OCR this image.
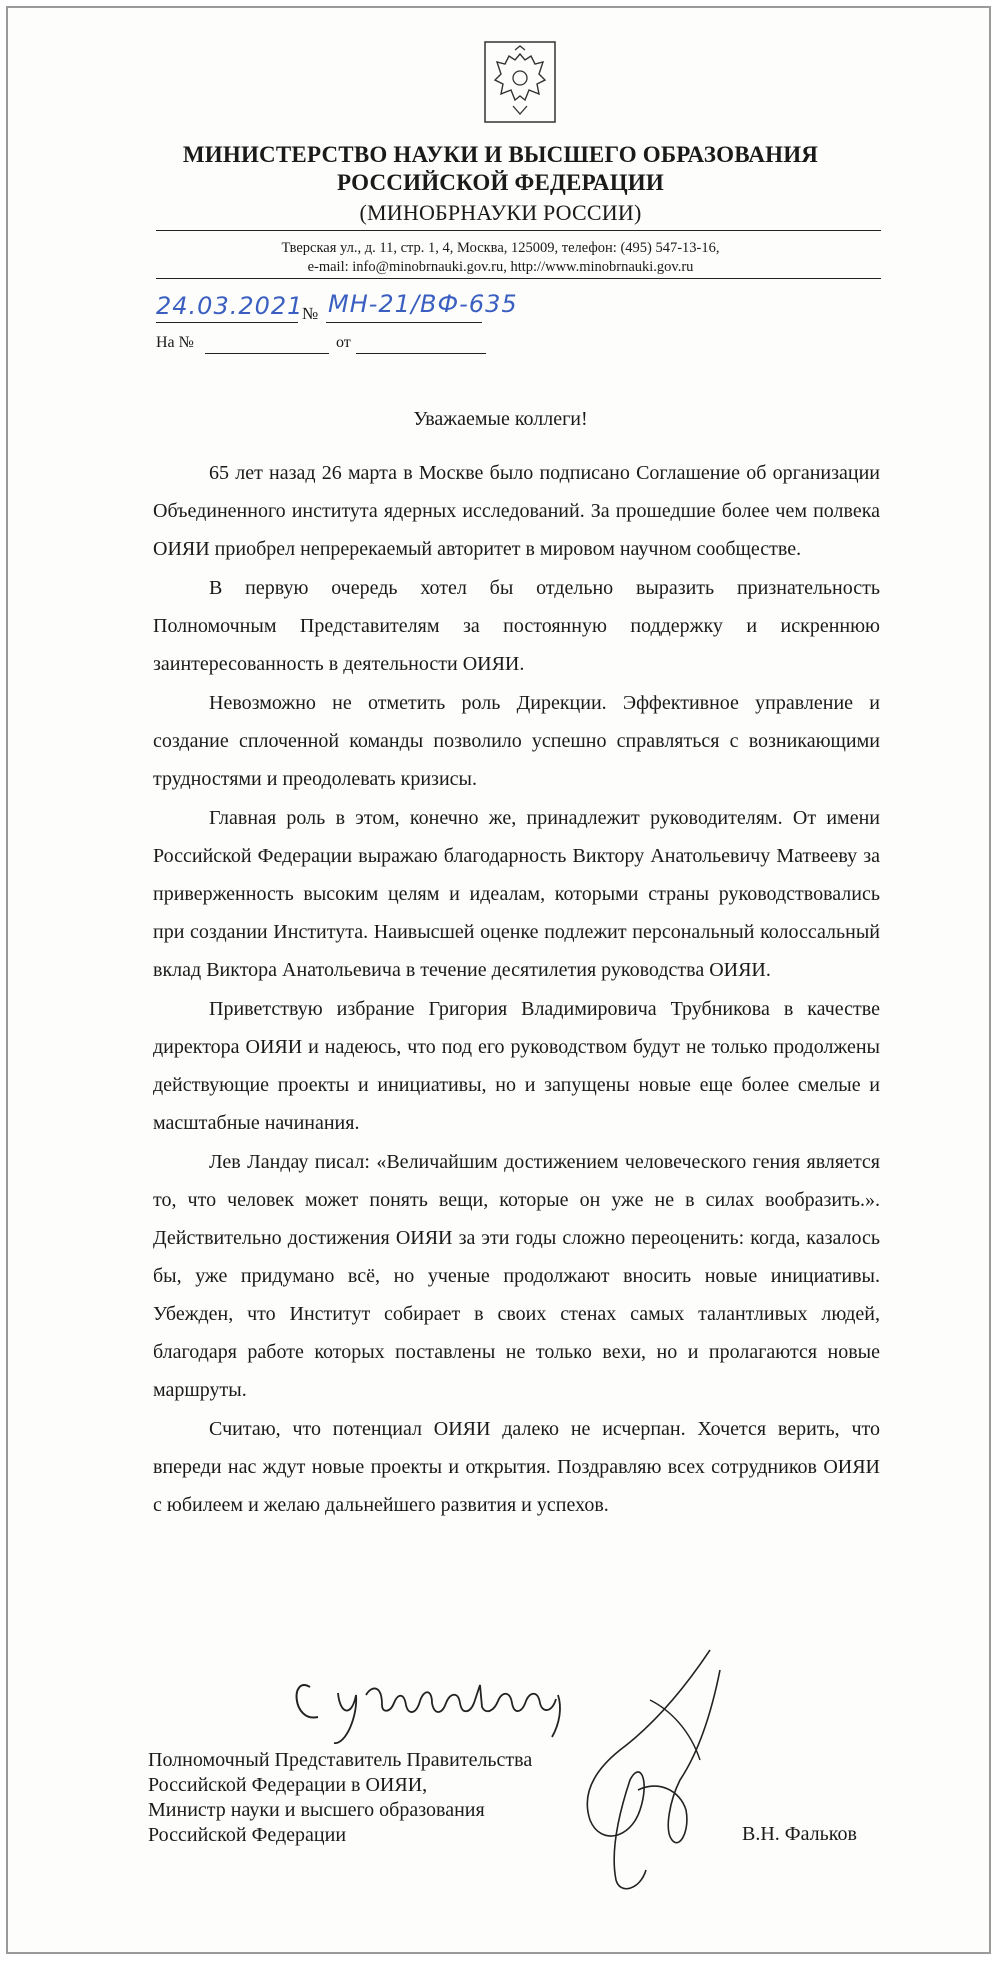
МИНИСТЕРСТВО НАУКИ И ВЫСШЕГО ОБРАЗОВАНИЯ
РОССИЙСКОЙ ФЕДЕРАЦИИ
(МИНОБРНАУКИ РОССИИ)
Тверская ул., д. 11, стр. 1, 4, Москва, 125009, телефон: (495) 547-13-16,
e-mail: info@minobrnauki.gov.ru, http://www.minobrnauki.gov.ru
24.03.2021
№ МН-21/ВФ-635
На №	от
Уважаемые коллеги!

65 лет назад 26 марта в Москве было подписано Соглашение об организации Объединенного института ядерных исследований. За прошедшие более чем полвека ОИЯИ приобрел непререкаемый авторитет в мировом научном сообществе.

В первую очередь хотел бы отдельно выразить признательность Полномочным Представителям за постоянную поддержку и искреннюю заинтересованность в деятельности ОИЯИ.

Невозможно не отметить роль Дирекции. Эффективное управление и создание сплоченной команды позволило успешно справляться с возникающими трудностями и преодолевать кризисы.

Главная роль в этом, конечно же, принадлежит руководителям. От имени Российской Федерации выражаю благодарность Виктору Анатольевичу Матвееву за приверженность высоким целям и идеалам, которыми страны руководствовались при создании Института. Наивысшей оценке подлежит персональный колоссальный вклад Виктора Анатольевича в течение десятилетия руководства ОИЯИ.

Приветствую избрание Григория Владимировича Трубникова в качестве директора ОИЯИ и надеюсь, что под его руководством будут не только продолжены действующие проекты и инициативы, но и запущены новые еще более смелые и масштабные начинания.

Лев Ландау писал: «Величайшим достижением человеческого гения является то, что человек может понять вещи, которые он уже не в силах вообразить.». Действительно достижения ОИЯИ за эти годы сложно переоценить: когда, казалось бы, уже придумано всё, но ученые продолжают вносить новые инициативы. Убежден, что Институт собирает в своих стенах самых талантливых людей, благодаря работе которых поставлены не только вехи, но и пролагаются новые маршруты.

Считаю, что потенциал ОИЯИ далеко не исчерпан. Хочется верить, что впереди нас ждут новые проекты и открытия. Поздравляю всех сотрудников ОИЯИ с юбилеем и желаю дальнейшего развития и успехов.

Полномочный Представитель Правительства
Российской Федерации в ОИЯИ,
Министр науки и высшего образования
Российской Федерации	В.Н. Фальков
